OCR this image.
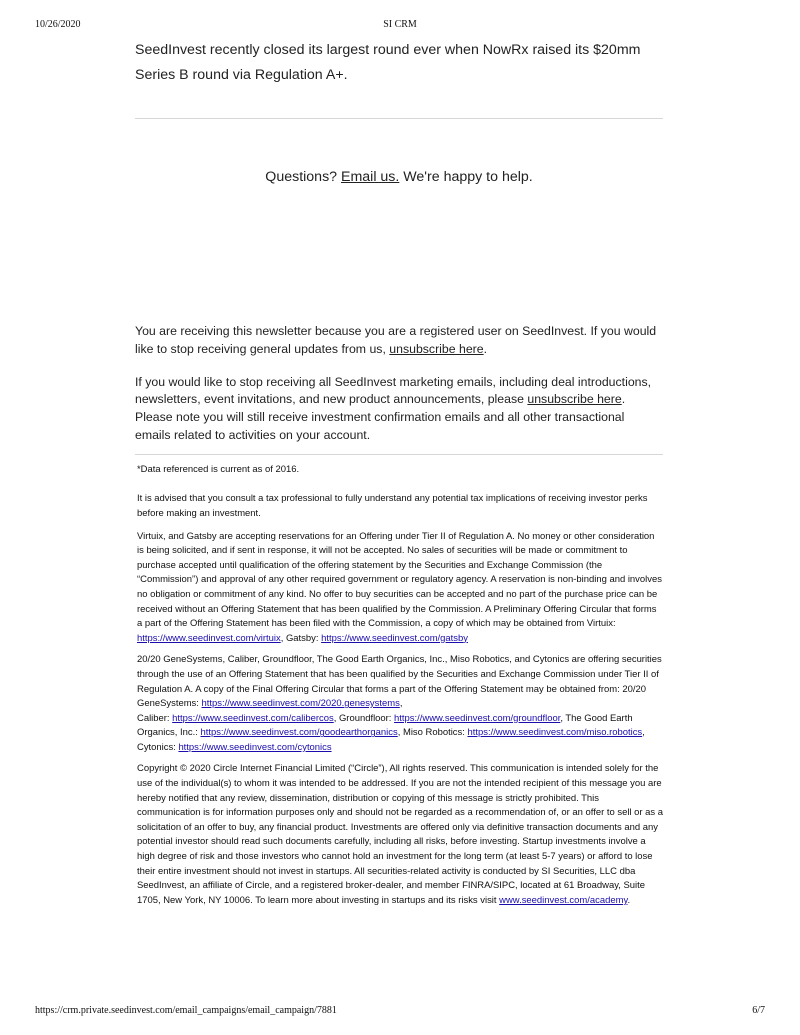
10/26/2020	SI CRM

SeedInvest recently closed its largest round ever when NowRx raised its $20mm Series B round via Regulation A+.

Questions? Email us. We're happy to help.

You are receiving this newsletter because you are a registered user on SeedInvest. If you would like to stop receiving general updates from us, unsubscribe here.

If you would like to stop receiving all SeedInvest marketing emails, including deal introductions, newsletters, event invitations, and new product announcements, please unsubscribe here. Please note you will still receive investment confirmation emails and all other transactional emails related to activities on your account.

*Data referenced is current as of 2016.

It is advised that you consult a tax professional to fully understand any potential tax implications of receiving investor perks before making an investment.

Virtuix, and Gatsby are accepting reservations for an Offering under Tier II of Regulation A. No money or other consideration is being solicited, and if sent in response, it will not be accepted. No sales of securities will be made or commitment to purchase accepted until qualification of the offering statement by the Securities and Exchange Commission (the “Commission”) and approval of any other required government or regulatory agency. A reservation is non-binding and involves no obligation or commitment of any kind. No offer to buy securities can be accepted and no part of the purchase price can be received without an Offering Statement that has been qualified by the Commission. A Preliminary Offering Circular that forms a part of the Offering Statement has been filed with the Commission, a copy of which may be obtained from Virtuix: https://www.seedinvest.com/virtuix, Gatsby: https://www.seedinvest.com/gatsby

20/20 GeneSystems, Caliber, Groundfloor, The Good Earth Organics, Inc., Miso Robotics, and Cytonics are offering securities through the use of an Offering Statement that has been qualified by the Securities and Exchange Commission under Tier II of Regulation A. A copy of the Final Offering Circular that forms a part of the Offering Statement may be obtained from: 20/20 GeneSystems: https://www.seedinvest.com/2020.genesystems,
Caliber: https://www.seedinvest.com/calibercos, Groundfloor: https://www.seedinvest.com/groundfloor, The Good Earth Organics, Inc.: https://www.seedinvest.com/goodearthorganics, Miso Robotics: https://www.seedinvest.com/miso.robotics, Cytonics: https://www.seedinvest.com/cytonics

Copyright © 2020 Circle Internet Financial Limited (“Circle”), All rights reserved. This communication is intended solely for the use of the individual(s) to whom it was intended to be addressed. If you are not the intended recipient of this message you are hereby notified that any review, dissemination, distribution or copying of this message is strictly prohibited. This communication is for information purposes only and should not be regarded as a recommendation of, or an offer to sell or as a solicitation of an offer to buy, any financial product. Investments are offered only via definitive transaction documents and any potential investor should read such documents carefully, including all risks, before investing. Startup investments involve a high degree of risk and those investors who cannot hold an investment for the long term (at least 5-7 years) or afford to lose their entire investment should not invest in startups. All securities-related activity is conducted by SI Securities, LLC dba SeedInvest, an affiliate of Circle, and a registered broker-dealer, and member FINRA/SIPC, located at 61 Broadway, Suite 1705, New York, NY 10006. To learn more about investing in startups and its risks visit www.seedinvest.com/academy.

https://crm.private.seedinvest.com/email_campaigns/email_campaign/7881	6/7
